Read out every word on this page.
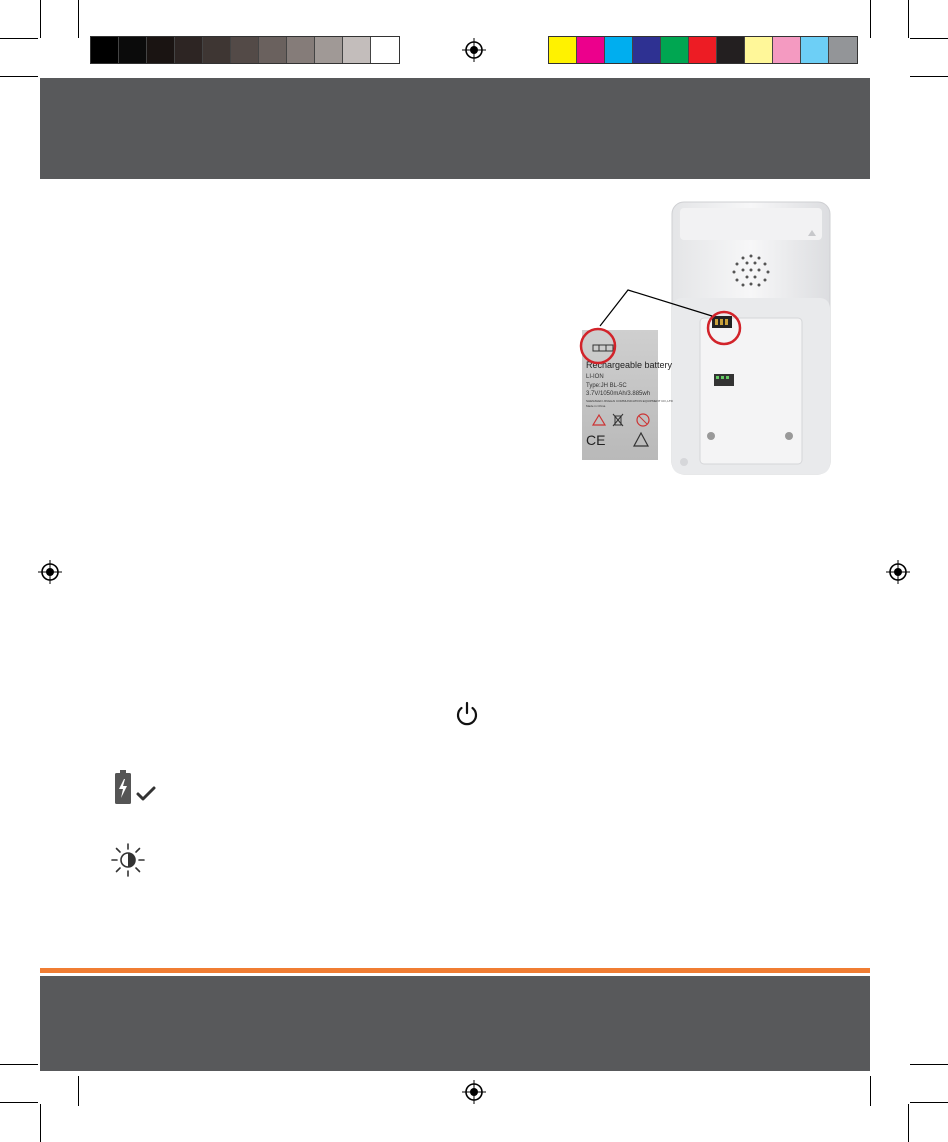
Rechargeable battery
LI-ION
Type:JH BL-5C
3.7V/1050mAh/3.885wh
SHENZHEN JINGHAI COMMUNICATION EQUIPMENT CO.,LTD
Made in China
CE
